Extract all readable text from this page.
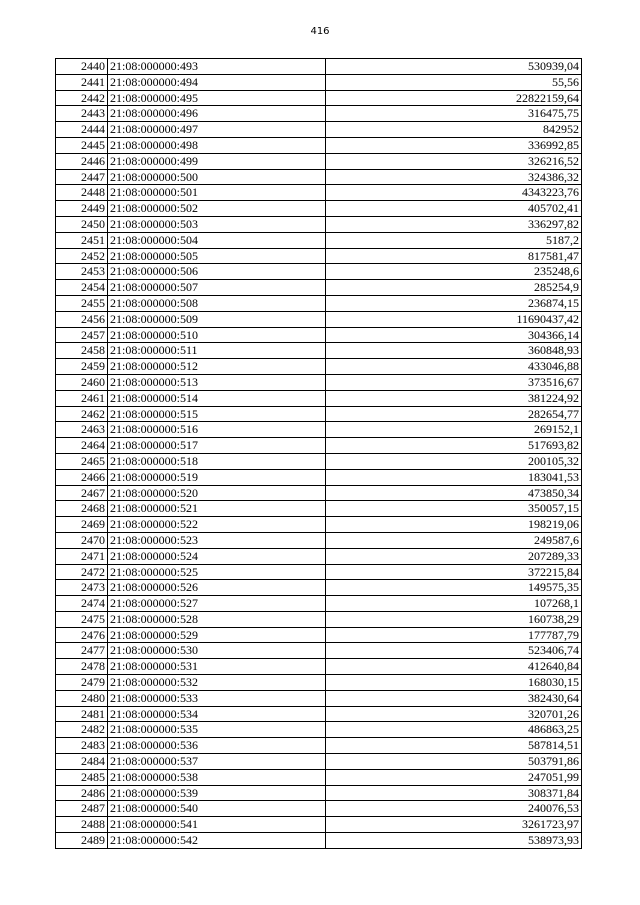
416
2440	21:08:000000:493	530939,04
2441	21:08:000000:494	55,56
2442	21:08:000000:495	22822159,64
2443	21:08:000000:496	316475,75
2444	21:08:000000:497	842952
2445	21:08:000000:498	336992,85
2446	21:08:000000:499	326216,52
2447	21:08:000000:500	324386,32
2448	21:08:000000:501	4343223,76
2449	21:08:000000:502	405702,41
2450	21:08:000000:503	336297,82
2451	21:08:000000:504	5187,2
2452	21:08:000000:505	817581,47
2453	21:08:000000:506	235248,6
2454	21:08:000000:507	285254,9
2455	21:08:000000:508	236874,15
2456	21:08:000000:509	11690437,42
2457	21:08:000000:510	304366,14
2458	21:08:000000:511	360848,93
2459	21:08:000000:512	433046,88
2460	21:08:000000:513	373516,67
2461	21:08:000000:514	381224,92
2462	21:08:000000:515	282654,77
2463	21:08:000000:516	269152,1
2464	21:08:000000:517	517693,82
2465	21:08:000000:518	200105,32
2466	21:08:000000:519	183041,53
2467	21:08:000000:520	473850,34
2468	21:08:000000:521	350057,15
2469	21:08:000000:522	198219,06
2470	21:08:000000:523	249587,6
2471	21:08:000000:524	207289,33
2472	21:08:000000:525	372215,84
2473	21:08:000000:526	149575,35
2474	21:08:000000:527	107268,1
2475	21:08:000000:528	160738,29
2476	21:08:000000:529	177787,79
2477	21:08:000000:530	523406,74
2478	21:08:000000:531	412640,84
2479	21:08:000000:532	168030,15
2480	21:08:000000:533	382430,64
2481	21:08:000000:534	320701,26
2482	21:08:000000:535	486863,25
2483	21:08:000000:536	587814,51
2484	21:08:000000:537	503791,86
2485	21:08:000000:538	247051,99
2486	21:08:000000:539	308371,84
2487	21:08:000000:540	240076,53
2488	21:08:000000:541	3261723,97
2489	21:08:000000:542	538973,93
